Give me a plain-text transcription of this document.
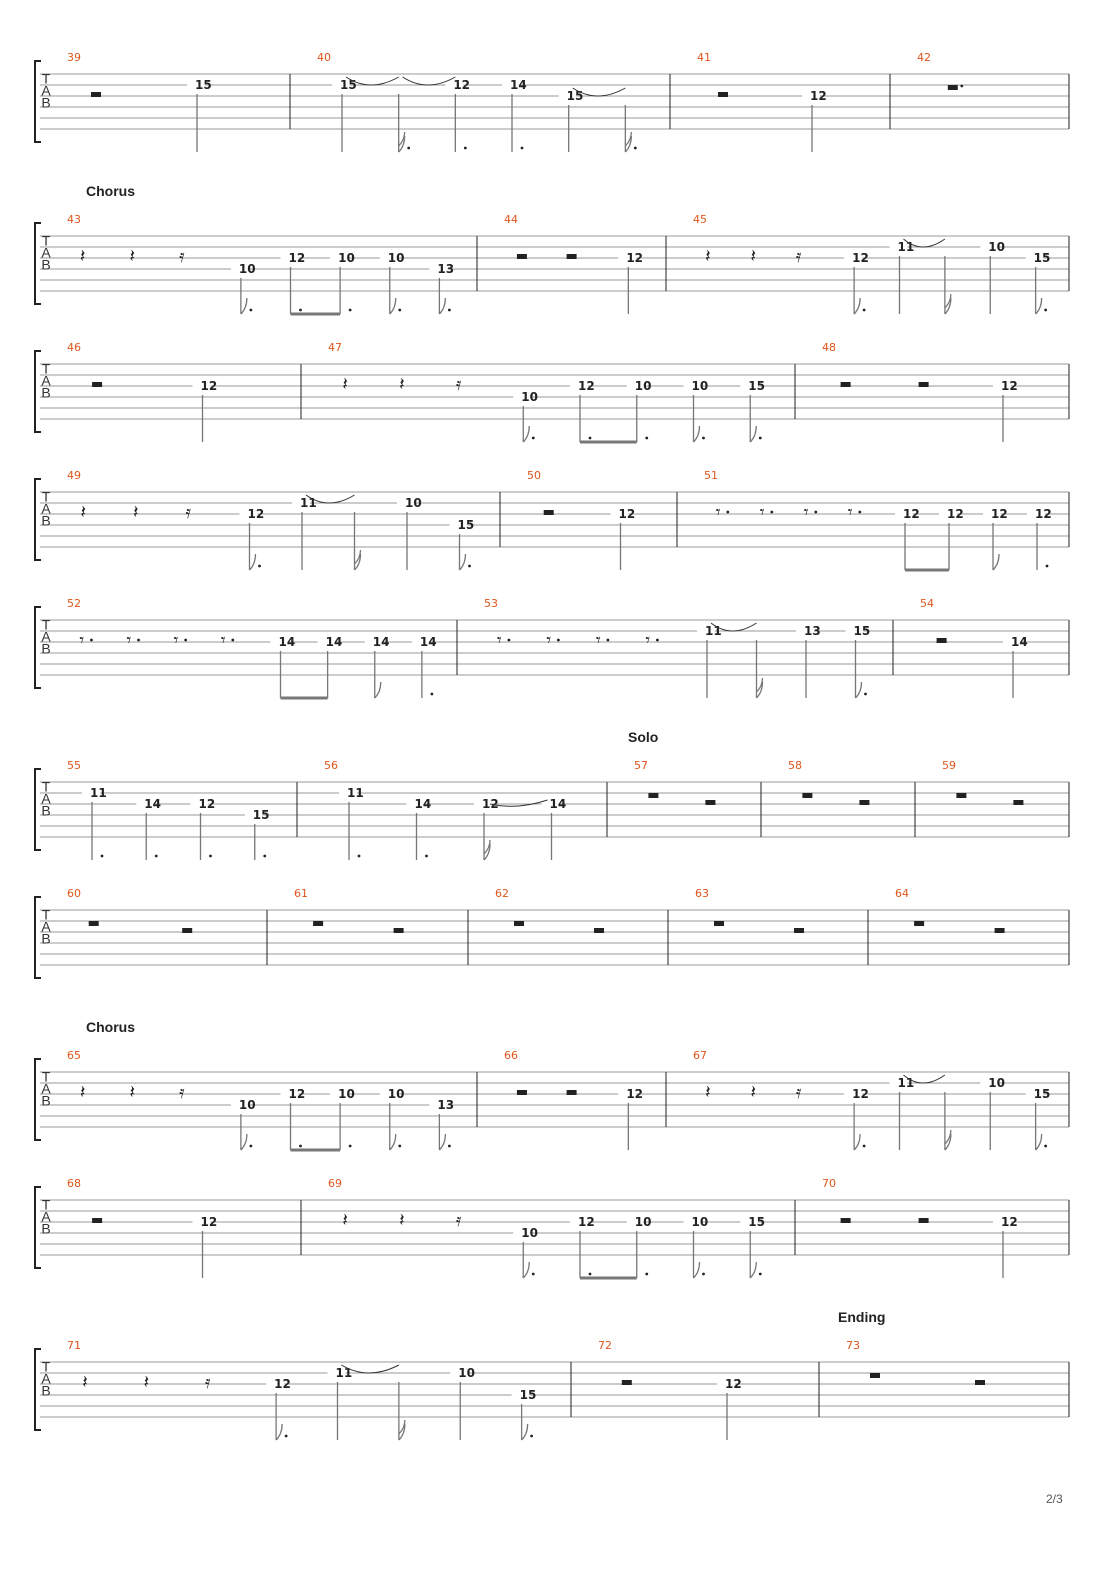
T
A
B
39
15
40
15	12	14
15
41
12
42
Chorus
T
A
B
43
𝄽 𝄽 𝄿
10
12	10	10
13
44
12
45
𝄽 𝄽 𝄿	12
11	10
15
T
A
B
46
12
47
𝄽	𝄽	𝄿
10
12	10	10	15
48
12
T
A
B
49
𝄽	𝄽	𝄿	12
11	10
15
50
12
51
𝄾 𝄾 𝄾 𝄾	12 12 12 12
T
A
B
52
𝄾 𝄾 𝄾 𝄾	14	14	14	14
53
𝄾 𝄾 𝄾 𝄾	11	13	15
54
14
Solo
T
A
B
55
11
14	12
15
56
11
14	12	14
57	58	59
T
A
B
60	61	62	63	64
Chorus
T
A
B
65
𝄽 𝄽 𝄿
10
12	10	10
13
66
12
67
𝄽 𝄽 𝄿	12
11	10
15
T
A
B
68
12
69
𝄽	𝄽	𝄿
10
12	10	10	15
70
12
Ending
T
A
B
71
𝄽	𝄽	𝄿	12
11	10
15
72
12
73
2/3
